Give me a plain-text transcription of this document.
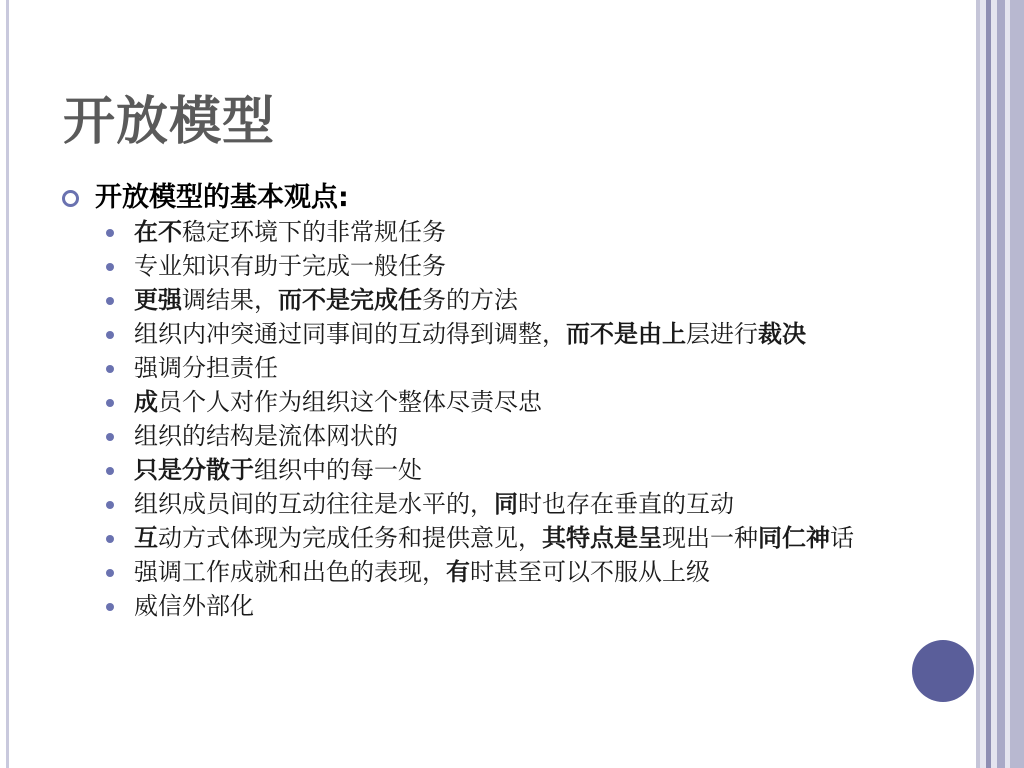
开放模型
开放模型的基本观点:
在不稳定环境下的非常规任务
专业知识有助于完成一般任务
更强调结果，而不是完成任务的方法
组织内冲突通过同事间的互动得到调整，而不是由上层进行裁决
强调分担责任
成员个人对作为组织这个整体尽责尽忠
组织的结构是流体网状的
只是分散于组织中的每一处
组织成员间的互动往往是水平的，同时也存在垂直的互动
互动方式体现为完成任务和提供意见，其特点是呈现出一种同仁神话
强调工作成就和出色的表现，有时甚至可以不服从上级
威信外部化
